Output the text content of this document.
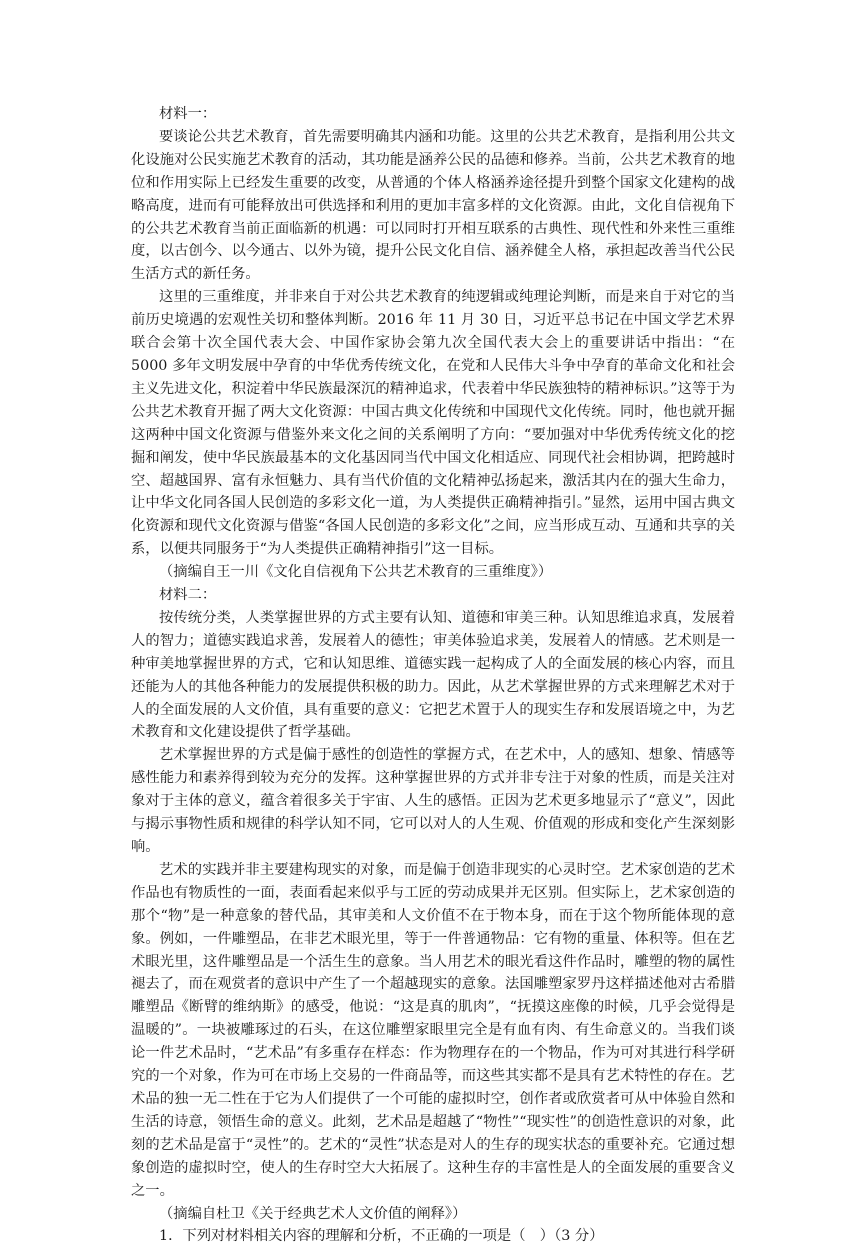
材料一：

要谈论公共艺术教育，首先需要明确其内涵和功能。这里的公共艺术教育，是指利用公共文化设施对公民实施艺术教育的活动，其功能是涵养公民的品德和修养。当前，公共艺术教育的地位和作用实际上已经发生重要的改变，从普通的个体人格涵养途径提升到整个国家文化建构的战略高度，进而有可能释放出可供选择和利用的更加丰富多样的文化资源。由此，文化自信视角下的公共艺术教育当前正面临新的机遇：可以同时打开相互联系的古典性、现代性和外来性三重维度，以古创今、以今通古、以外为镜，提升公民文化自信、涵养健全人格，承担起改善当代公民生活方式的新任务。

这里的三重维度，并非来自于对公共艺术教育的纯逻辑或纯理论判断，而是来自于对它的当前历史境遇的宏观性关切和整体判断。2016 年 11 月 30 日，习近平总书记在中国文学艺术界联合会第十次全国代表大会、中国作家协会第九次全国代表大会上的重要讲话中指出：“在 5000 多年文明发展中孕育的中华优秀传统文化，在党和人民伟大斗争中孕育的革命文化和社会主义先进文化，积淀着中华民族最深沉的精神追求，代表着中华民族独特的精神标识。”这等于为公共艺术教育开掘了两大文化资源：中国古典文化传统和中国现代文化传统。同时，他也就开掘这两种中国文化资源与借鉴外来文化之间的关系阐明了方向：“要加强对中华优秀传统文化的挖掘和阐发，使中华民族最基本的文化基因同当代中国文化相适应、同现代社会相协调，把跨越时空、超越国界、富有永恒魅力、具有当代价值的文化精神弘扬起来，激活其内在的强大生命力，让中华文化同各国人民创造的多彩文化一道，为人类提供正确精神指引。”显然，运用中国古典文化资源和现代文化资源与借鉴“各国人民创造的多彩文化”之间，应当形成互动、互通和共享的关系，以便共同服务于“为人类提供正确精神指引”这一目标。

（摘编自王一川《文化自信视角下公共艺术教育的三重维度》）

材料二：

按传统分类，人类掌握世界的方式主要有认知、道德和审美三种。认知思维追求真，发展着人的智力；道德实践追求善，发展着人的德性；审美体验追求美，发展着人的情感。艺术则是一种审美地掌握世界的方式，它和认知思维、道德实践一起构成了人的全面发展的核心内容，而且还能为人的其他各种能力的发展提供积极的助力。因此，从艺术掌握世界的方式来理解艺术对于人的全面发展的人文价值，具有重要的意义：它把艺术置于人的现实生存和发展语境之中，为艺术教育和文化建设提供了哲学基础。

艺术掌握世界的方式是偏于感性的创造性的掌握方式，在艺术中，人的感知、想象、情感等感性能力和素养得到较为充分的发挥。这种掌握世界的方式并非专注于对象的性质，而是关注对象对于主体的意义，蕴含着很多关于宇宙、人生的感悟。正因为艺术更多地显示了“意义”，因此与揭示事物性质和规律的科学认知不同，它可以对人的人生观、价值观的形成和变化产生深刻影响。

艺术的实践并非主要建构现实的对象，而是偏于创造非现实的心灵时空。艺术家创造的艺术作品也有物质性的一面，表面看起来似乎与工匠的劳动成果并无区别。但实际上，艺术家创造的那个“物”是一种意象的替代品，其审美和人文价值不在于物本身，而在于这个物所能体现的意象。例如，一件雕塑品，在非艺术眼光里，等于一件普通物品：它有物的重量、体积等。但在艺术眼光里，这件雕塑品是一个活生生的意象。当人用艺术的眼光看这件作品时，雕塑的物的属性褪去了，而在观赏者的意识中产生了一个超越现实的意象。法国雕塑家罗丹这样描述他对古希腊雕塑品《断臂的维纳斯》的感受，他说：“这是真的肌肉”，“抚摸这座像的时候，几乎会觉得是温暖的”。一块被雕琢过的石头，在这位雕塑家眼里完全是有血有肉、有生命意义的。当我们谈论一件艺术品时，“艺术品”有多重存在样态：作为物理存在的一个物品，作为可对其进行科学研究的一个对象，作为可在市场上交易的一件商品等，而这些其实都不是具有艺术特性的存在。艺术品的独一无二性在于它为人们提供了一个可能的虚拟时空，创作者或欣赏者可从中体验自然和生活的诗意，领悟生命的意义。此刻，艺术品是超越了“物性”“现实性”的创造性意识的对象，此刻的艺术品是富于“灵性”的。艺术的“灵性”状态是对人的生存的现实状态的重要补充。它通过想象创造的虚拟时空，使人的生存时空大大拓展了。这种生存的丰富性是人的全面发展的重要含义之一。

（摘编自杜卫《关于经典艺术人文价值的阐释》）

1．下列对材料相关内容的理解和分析，不正确的一项是（　）（3 分）
